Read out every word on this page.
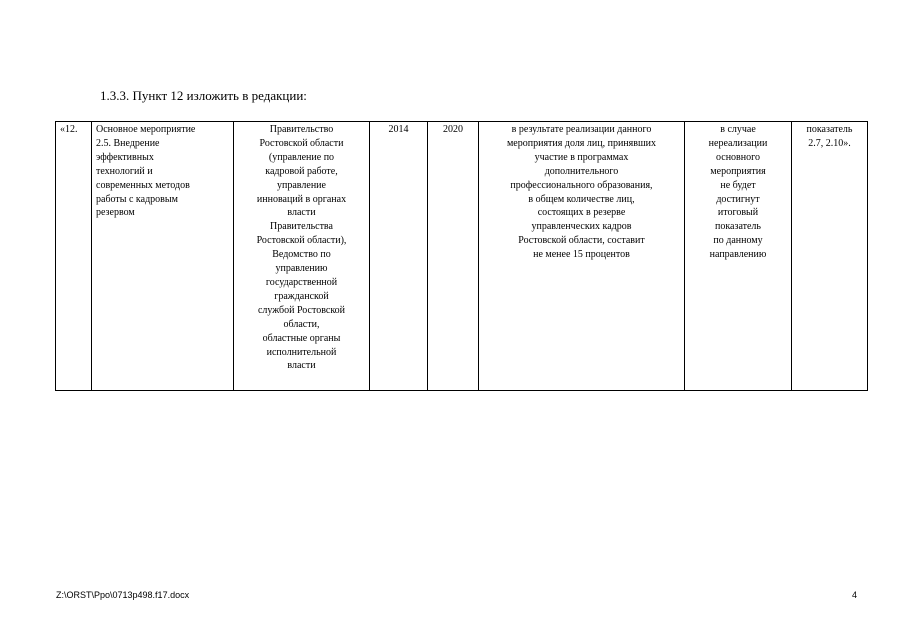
1.3.3. Пункт 12 изложить в редакции:

«12.	Основное мероприятие
2.5. Внедрение
эффективных
технологий и
современных методов
работы с кадровым
резервом	Правительство
Ростовской области
(управление по
кадровой работе,
управление
инноваций в органах
власти
Правительства
Ростовской области),
Ведомство по
управлению
государственной
гражданской
службой Ростовской
области,
областные органы
исполнительной
власти	2014	2020	в результате реализации данного
мероприятия доля лиц, принявших
участие в программах
дополнительного
профессионального образования,
в общем количестве лиц,
состоящих в резерве
управленческих кадров
Ростовской области, составит
не менее 15 процентов	в случае
нереализации
основного
мероприятия
не будет
достигнут
итоговый
показатель
по данному
направлению	показатель
2.7, 2.10».
Z:\ORST\Ppo\0713p498.f17.docx	4
